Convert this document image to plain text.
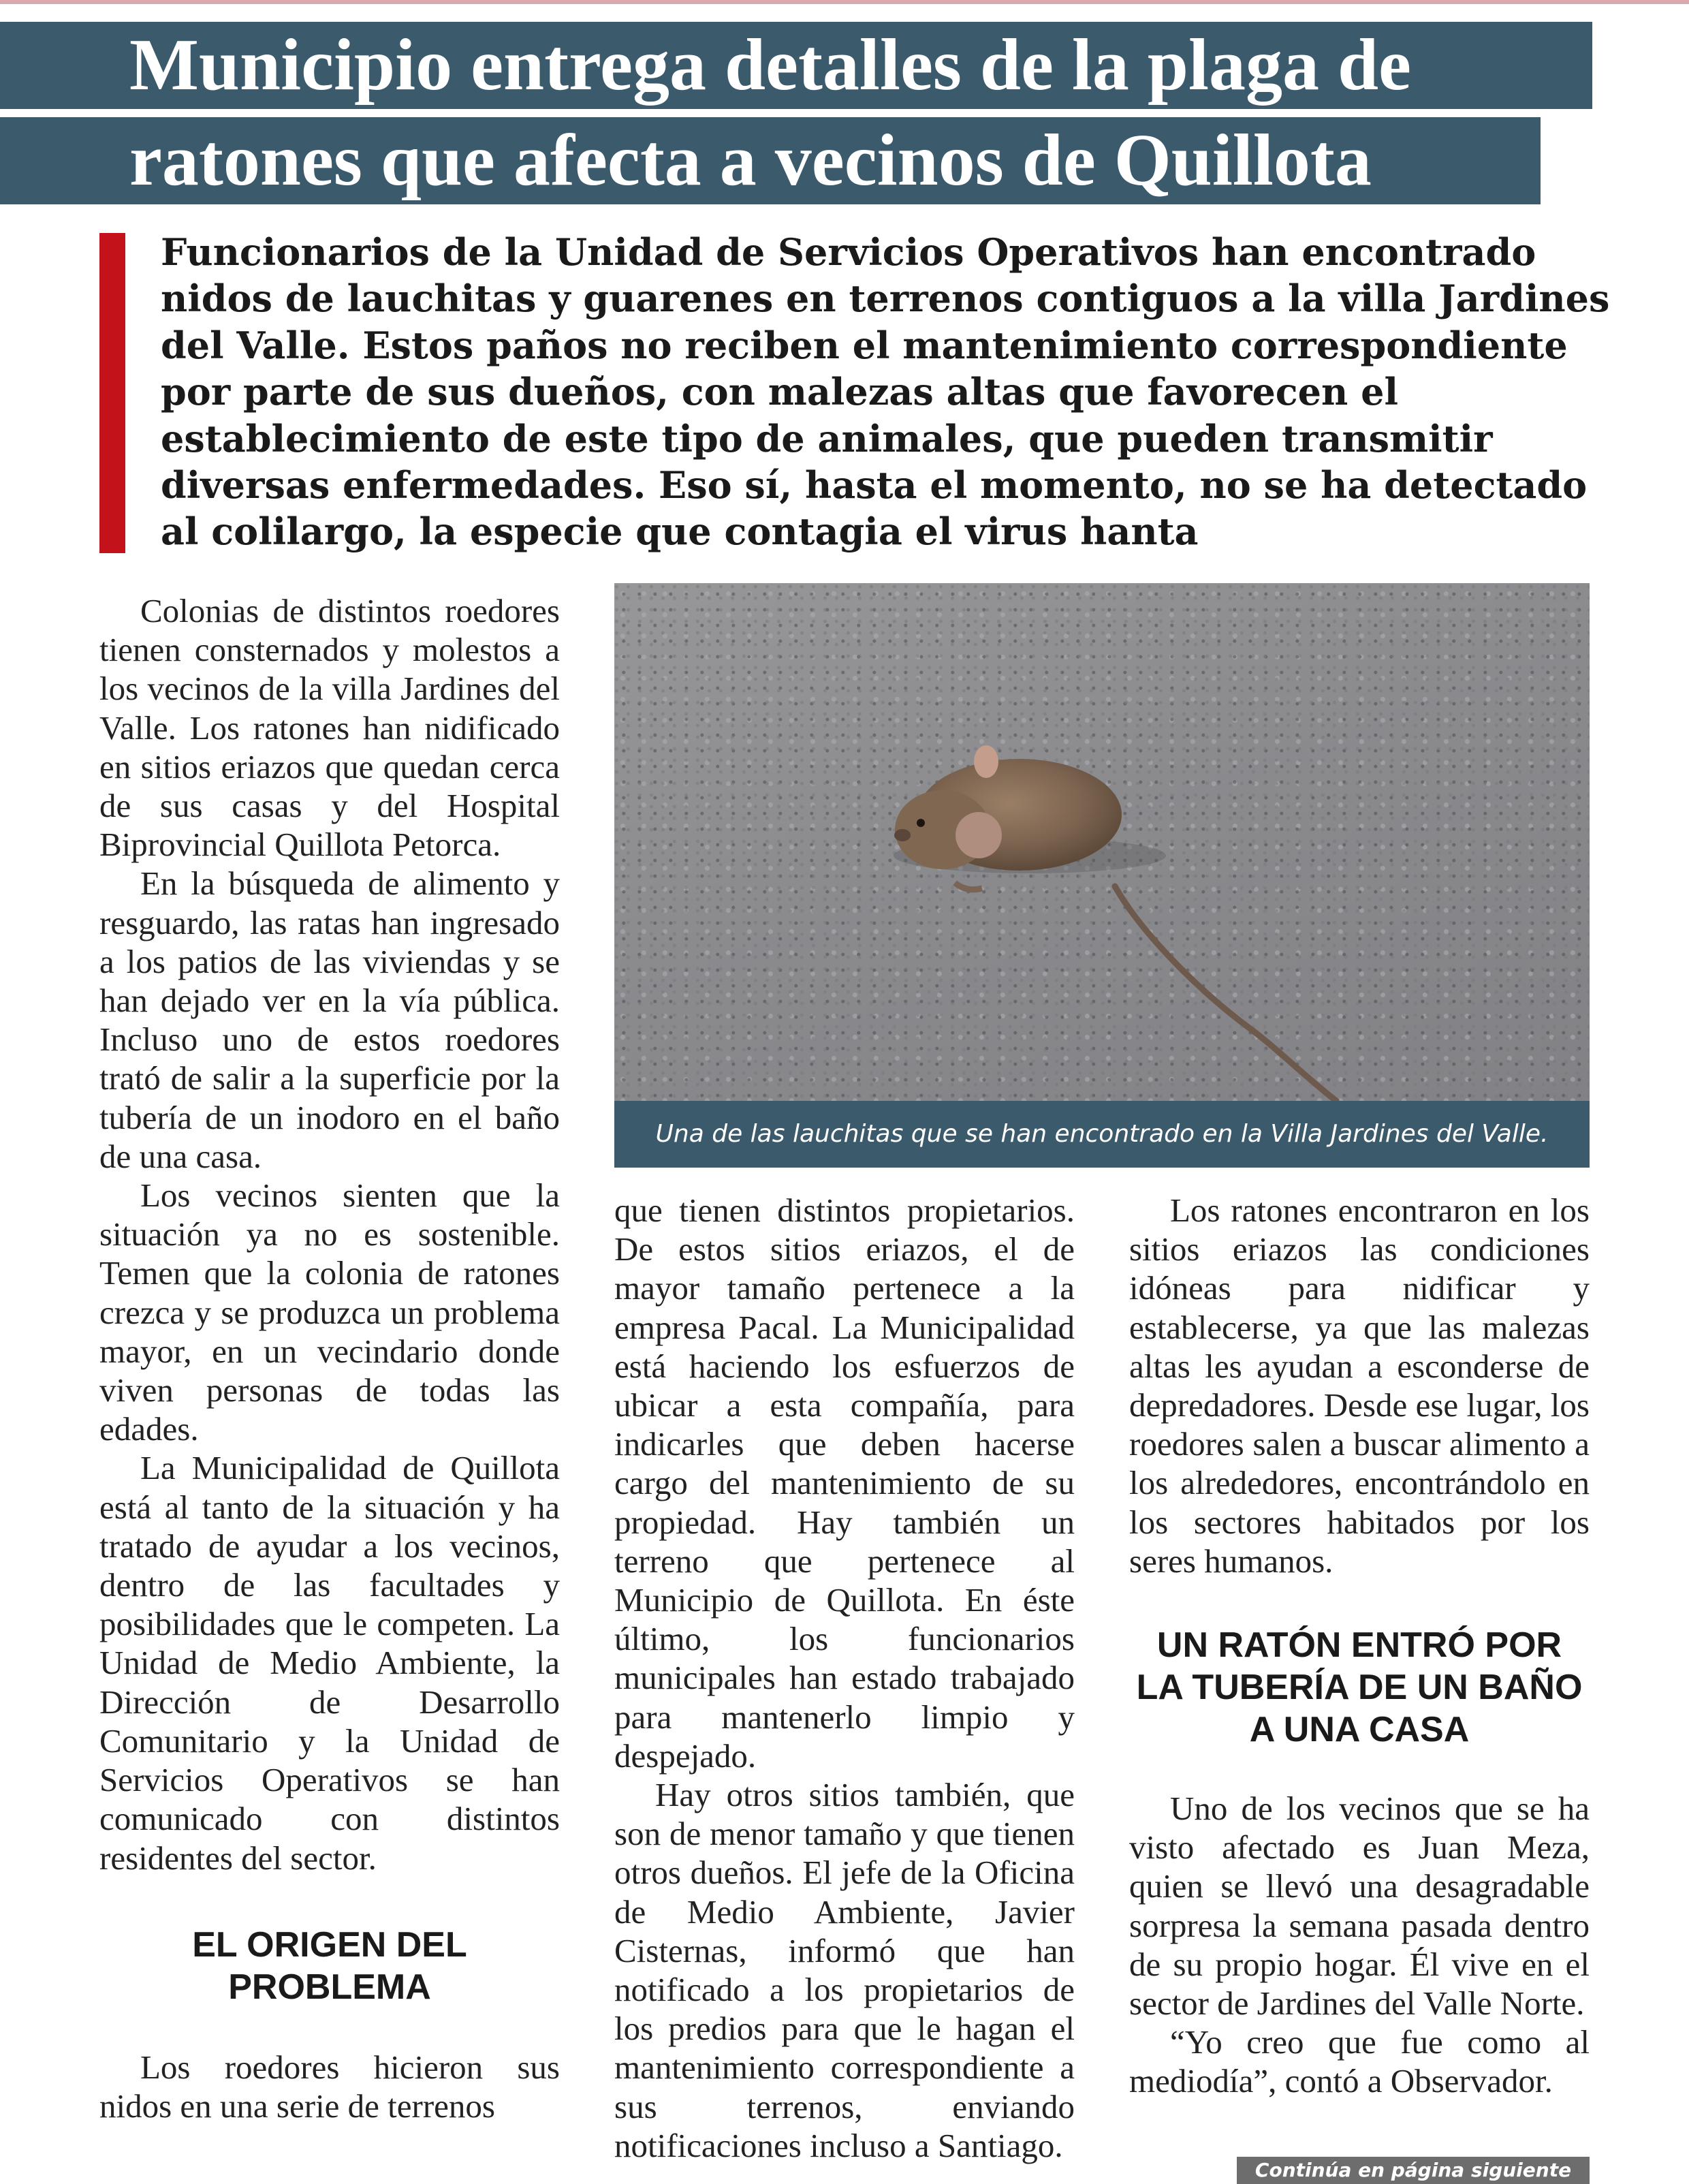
Municipio entrega detalles de la plaga de
ratones que afecta a vecinos de Quillota
Funcionarios de la Unidad de Servicios Operativos han encontrado
nidos de lauchitas y guarenes en terrenos contiguos a la villa Jardines
del Valle. Estos paños no reciben el mantenimiento correspondiente
por parte de sus dueños, con malezas altas que favorecen el
establecimiento de este tipo de animales, que pueden transmitir
diversas enfermedades. Eso sí, hasta el momento, no se ha detectado
al colilargo, la especie que contagia el virus hanta

Colonias de distintos roedores tienen consternados y molestos a los vecinos de la villa Jardines del Valle. Los ratones han nidificado en sitios eriazos que quedan cerca de sus casas y del Hospital Biprovincial Quillota Petorca.

En la búsqueda de alimento y resguardo, las ratas han ingresado a los patios de las viviendas y se han dejado ver en la vía pública. Incluso uno de estos roedores trató de salir a la superficie por la tubería de un inodoro en el baño de una casa.

Los vecinos sienten que la situación ya no es sostenible. Temen que la colonia de ratones crezca y se produzca un problema mayor, en un vecindario donde viven personas de todas las edades.

La Municipalidad de Quillota está al tanto de la situación y ha tratado de ayudar a los vecinos, dentro de las facultades y posibilidades que le competen. La Unidad de Medio Ambiente, la Dirección de Desarrollo Comunitario y la Unidad de Servicios Operativos se han comunicado con distintos residentes del sector.

EL ORIGEN DEL PROBLEMA

Los roedores hicieron sus nidos en una serie de terrenos

Una de las lauchitas que se han encontrado en la Villa Jardines del Valle.

que tienen distintos propietarios. De estos sitios eriazos, el de mayor tamaño pertenece a la empresa Pacal. La Municipalidad está haciendo los esfuerzos de ubicar a esta compañía, para indicarles que deben hacerse cargo del mantenimiento de su propiedad. Hay también un terreno que pertenece al Municipio de Quillota. En éste último, los funcionarios municipales han estado trabajado para mantenerlo limpio y despejado.

Hay otros sitios también, que son de menor tamaño y que tienen otros dueños. El jefe de la Oficina de Medio Ambiente, Javier Cisternas, informó que han notificado a los propietarios de los predios para que le hagan el mantenimiento correspondiente a sus terrenos, enviando notificaciones incluso a Santiago.

Los ratones encontraron en los sitios eriazos las condiciones idóneas para nidificar y establecerse, ya que las malezas altas les ayudan a esconderse de depredadores. Desde ese lugar, los roedores salen a buscar alimento a los alrededores, encontrándolo en los sectores habitados por los seres humanos.

UN RATÓN ENTRÓ POR LA TUBERÍA DE UN BAÑO A UNA CASA

Uno de los vecinos que se ha visto afectado es Juan Meza, quien se llevó una desagradable sorpresa la semana pasada dentro de su propio hogar. Él vive en el sector de Jardines del Valle Norte.

“Yo creo que fue como al mediodía”, contó a Observador.

Continúa en página siguiente
